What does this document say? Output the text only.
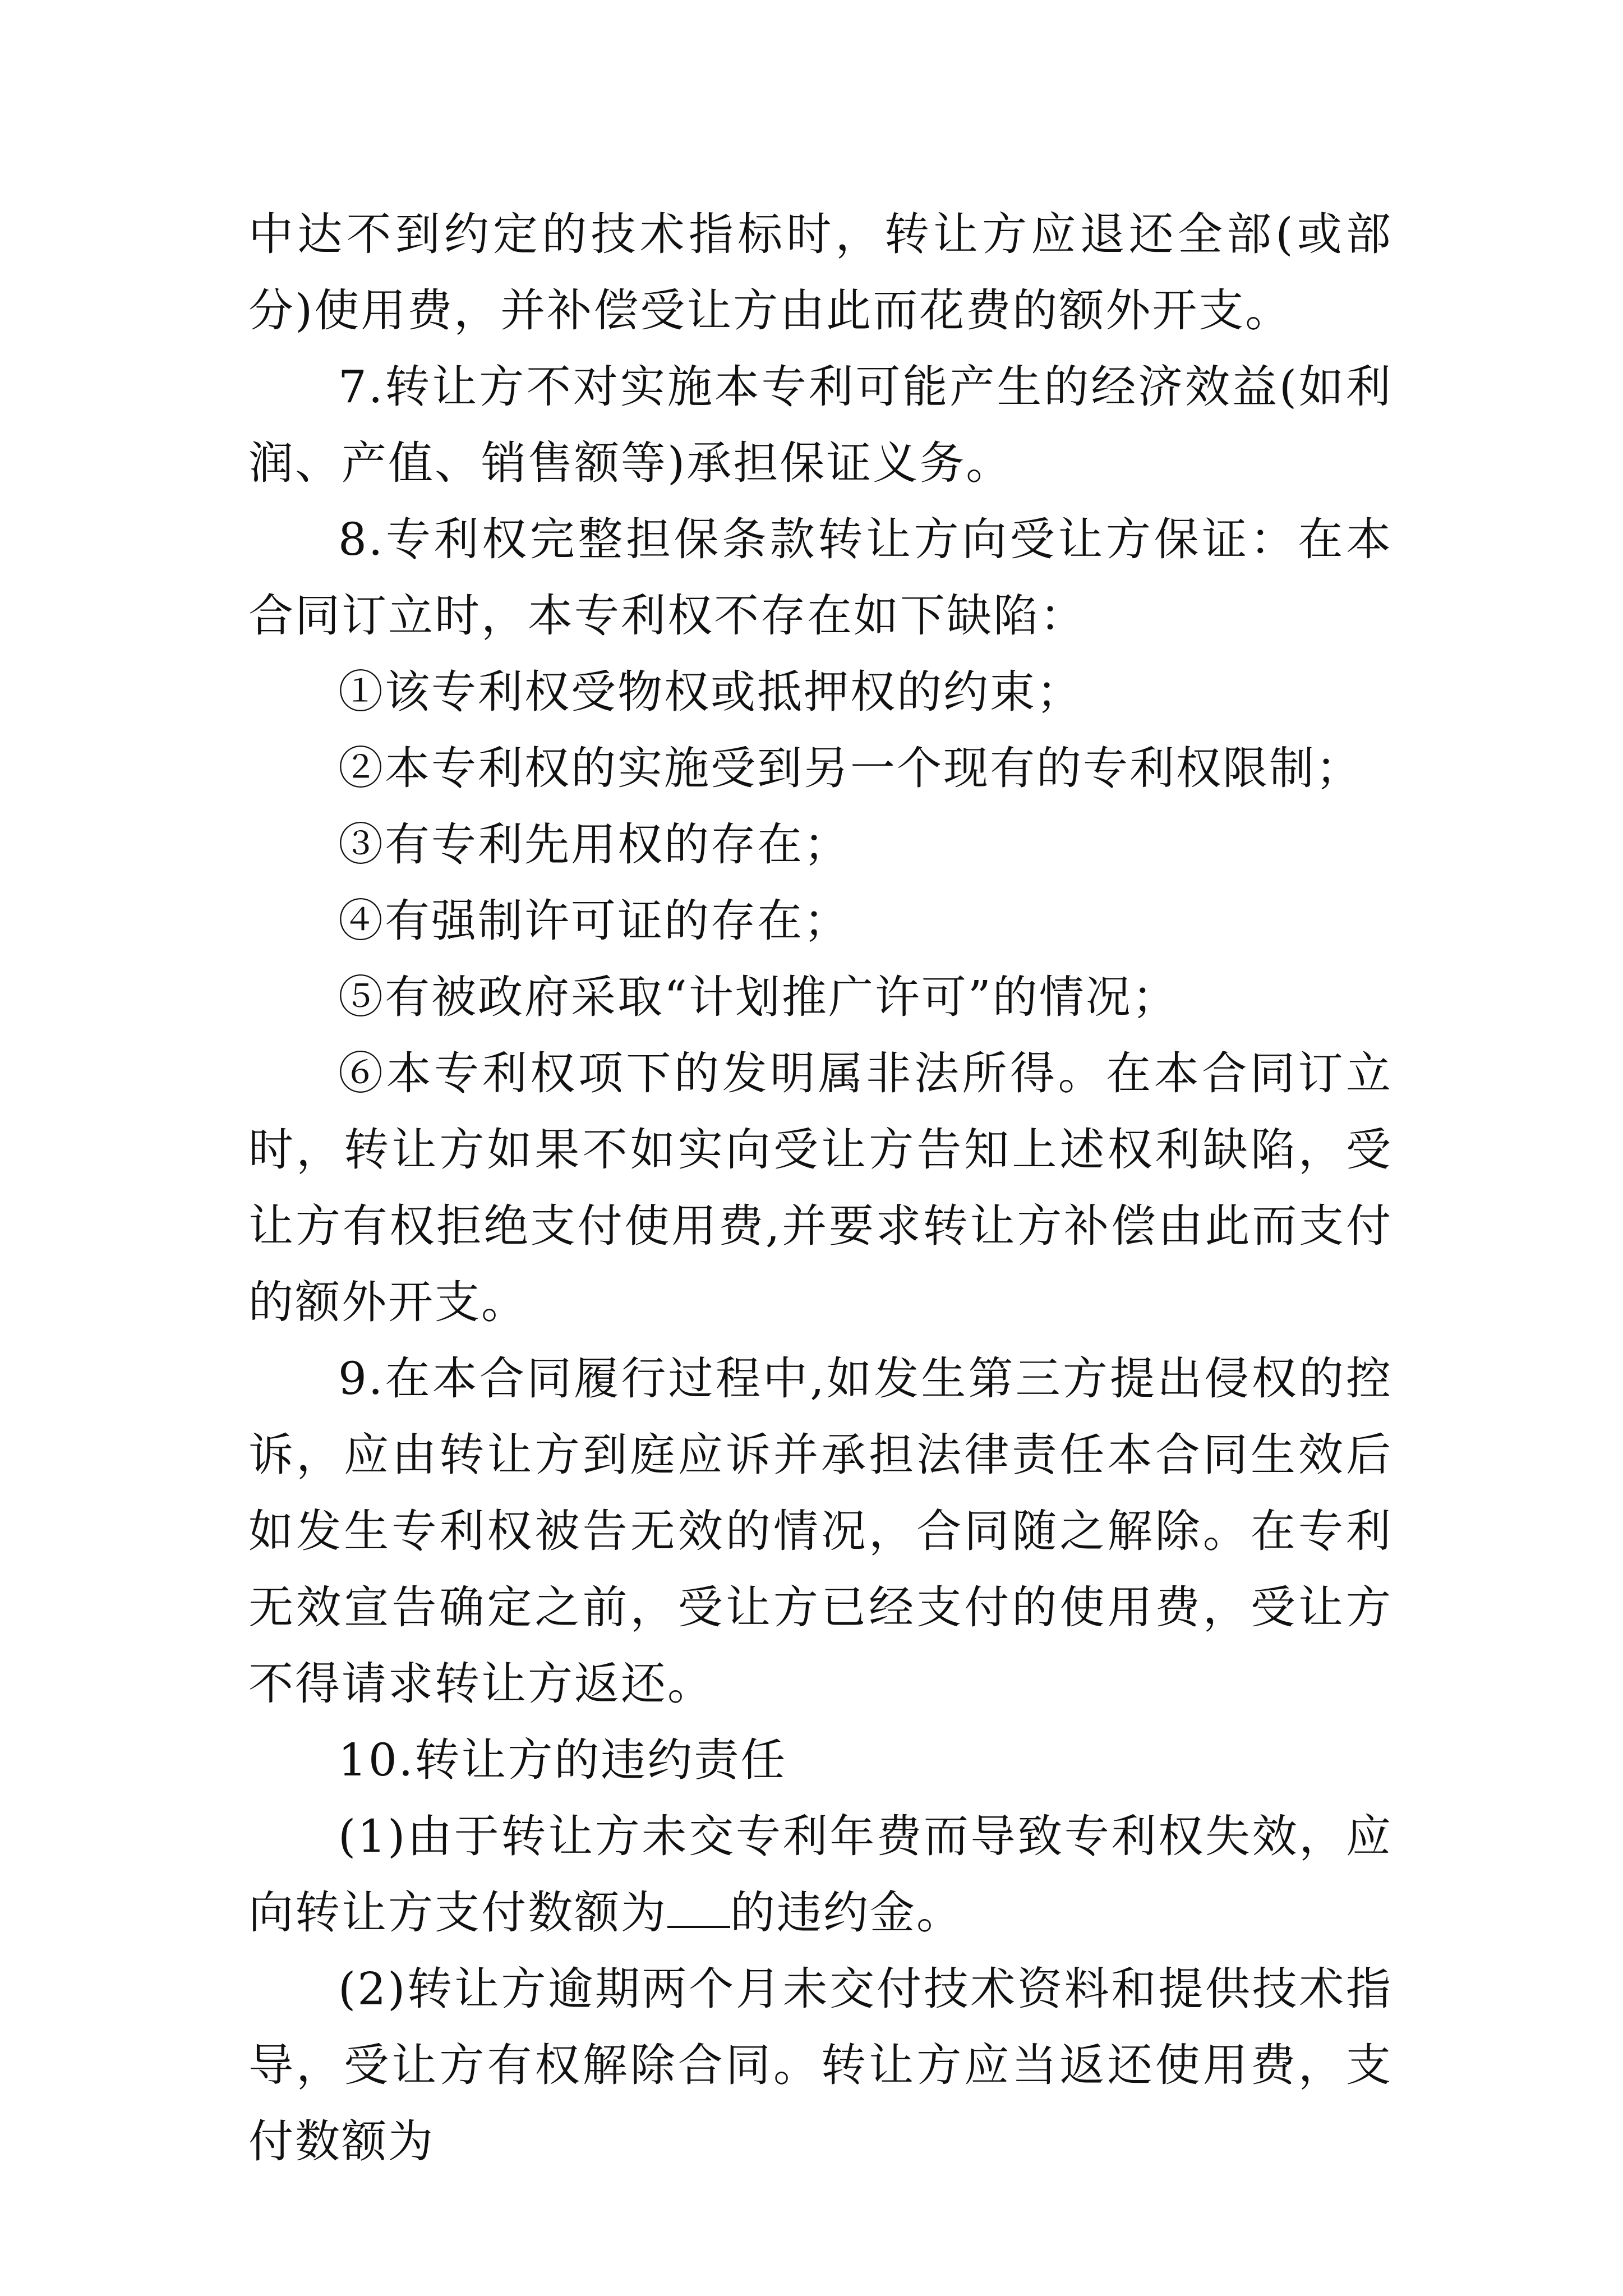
中达不到约定的技术指标时，转让方应退还全部(或部分)使用费，并补偿受让方由此而花费的额外开支。

7.转让方不对实施本专利可能产生的经济效益(如利润、产值、销售额等)承担保证义务。

8.专利权完整担保条款转让方向受让方保证：在本合同订立时，本专利权不存在如下缺陷：

①该专利权受物权或抵押权的约束；

②本专利权的实施受到另一个现有的专利权限制；

③有专利先用权的存在；

④有强制许可证的存在；

⑤有被政府采取“计划推广许可”的情况；

⑥本专利权项下的发明属非法所得。在本合同订立时，转让方如果不如实向受让方告知上述权利缺陷，受让方有权拒绝支付使用费,并要求转让方补偿由此而支付的额外开支。

9.在本合同履行过程中,如发生第三方提出侵权的控诉，应由转让方到庭应诉并承担法律责任本合同生效后如发生专利权被告无效的情况，合同随之解除。在专利无效宣告确定之前，受让方已经支付的使用费，受让方不得请求转让方返还。

10.转让方的违约责任

(1)由于转让方未交专利年费而导致专利权失效，应向转让方支付数额为 的违约金。

(2)转让方逾期两个月未交付技术资料和提供技术指导，受让方有权解除合同。转让方应当返还使用费，支付数额为
